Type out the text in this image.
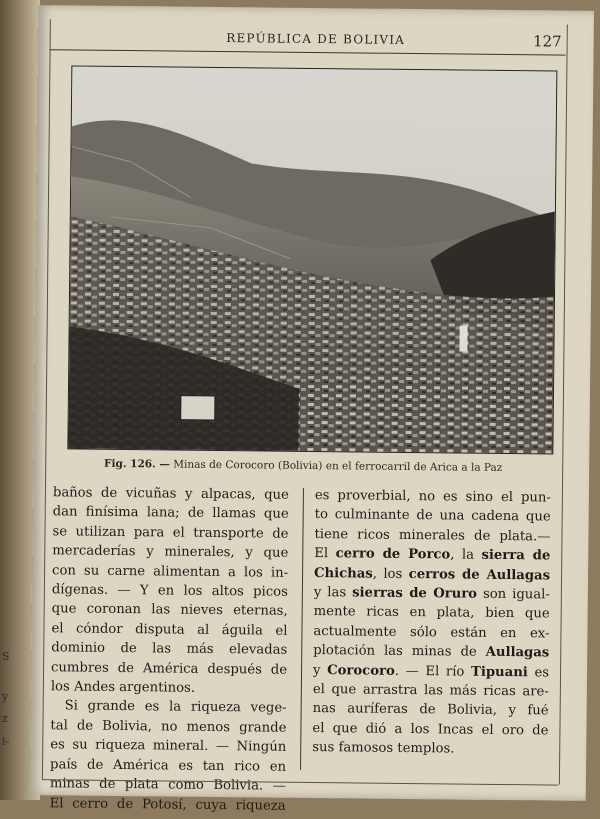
S
y
z
i-
REPÚBLICA DE BOLIVIA	127
Fig. 126. — Minas de Corocoro (Bolivia) en el ferrocarril de Arica a la Paz
baños de vicuñas y alpacas, que
dan finísima lana; de llamas que
se utilizan para el transporte de
mercaderías y minerales, y que
con su carne alimentan a los in-
dígenas. — Y en los altos picos
que coronan las nieves eternas,
el cóndor disputa al águila el
dominio de las más elevadas
cumbres de América después de
los Andes argentinos.
Si grande es la riqueza vege-
tal de Bolivia, no menos grande
es su riqueza mineral. — Ningún
país de América es tan rico en
minas de plata como Bolivia. —
El cerro de Potosí, cuya riqueza
es proverbial, no es sino el pun-
to culminante de una cadena que
tiene ricos minerales de plata.—
El cerro de Porco, la sierra de
Chichas, los cerros de Aullagas
y las sierras de Oruro son igual-
mente ricas en plata, bien que
actualmente sólo están en ex-
plotación las minas de Aullagas
y Corocoro. — El río Tipuani es
el que arrastra las más ricas are-
nas auríferas de Bolivia, y fué
el que dió a los Incas el oro de
sus famosos templos.
